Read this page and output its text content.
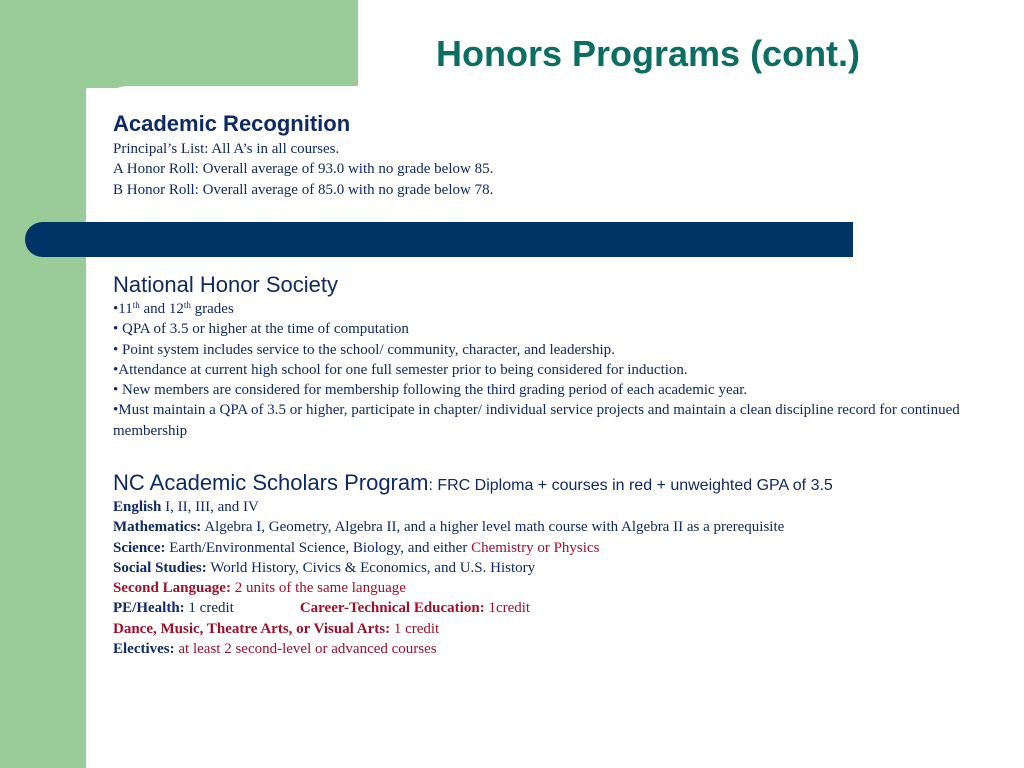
Honors Programs (cont.)
Academic Recognition
Principal’s List: All A’s in all courses.
A Honor Roll: Overall average of 93.0 with no grade below 85.
B Honor Roll: Overall average of 85.0 with no grade below 78.
National Honor Society
•11th and 12th grades
• QPA of 3.5 or higher at the time of computation
• Point system includes service to the school/ community, character, and leadership.
•Attendance at current high school for one full semester prior to being considered for induction.
• New members are considered for membership following the third grading period of each academic year.
•Must maintain a QPA of 3.5 or higher, participate in chapter/ individual service projects and maintain a clean discipline record for continued membership
NC Academic Scholars Program: FRC Diploma + courses in red + unweighted GPA of 3.5
English I, II, III, and IV
Mathematics: Algebra I, Geometry, Algebra II, and a higher level math course with Algebra II as a prerequisite
Science: Earth/Environmental Science, Biology, and either Chemistry or Physics
Social Studies: World History, Civics & Economics, and U.S. History
Second Language: 2 units of the same language
PE/Health: 1 credit	Career-Technical Education: 1credit
Dance, Music, Theatre Arts, or Visual Arts: 1 credit
Electives: at least 2 second-level or advanced courses
